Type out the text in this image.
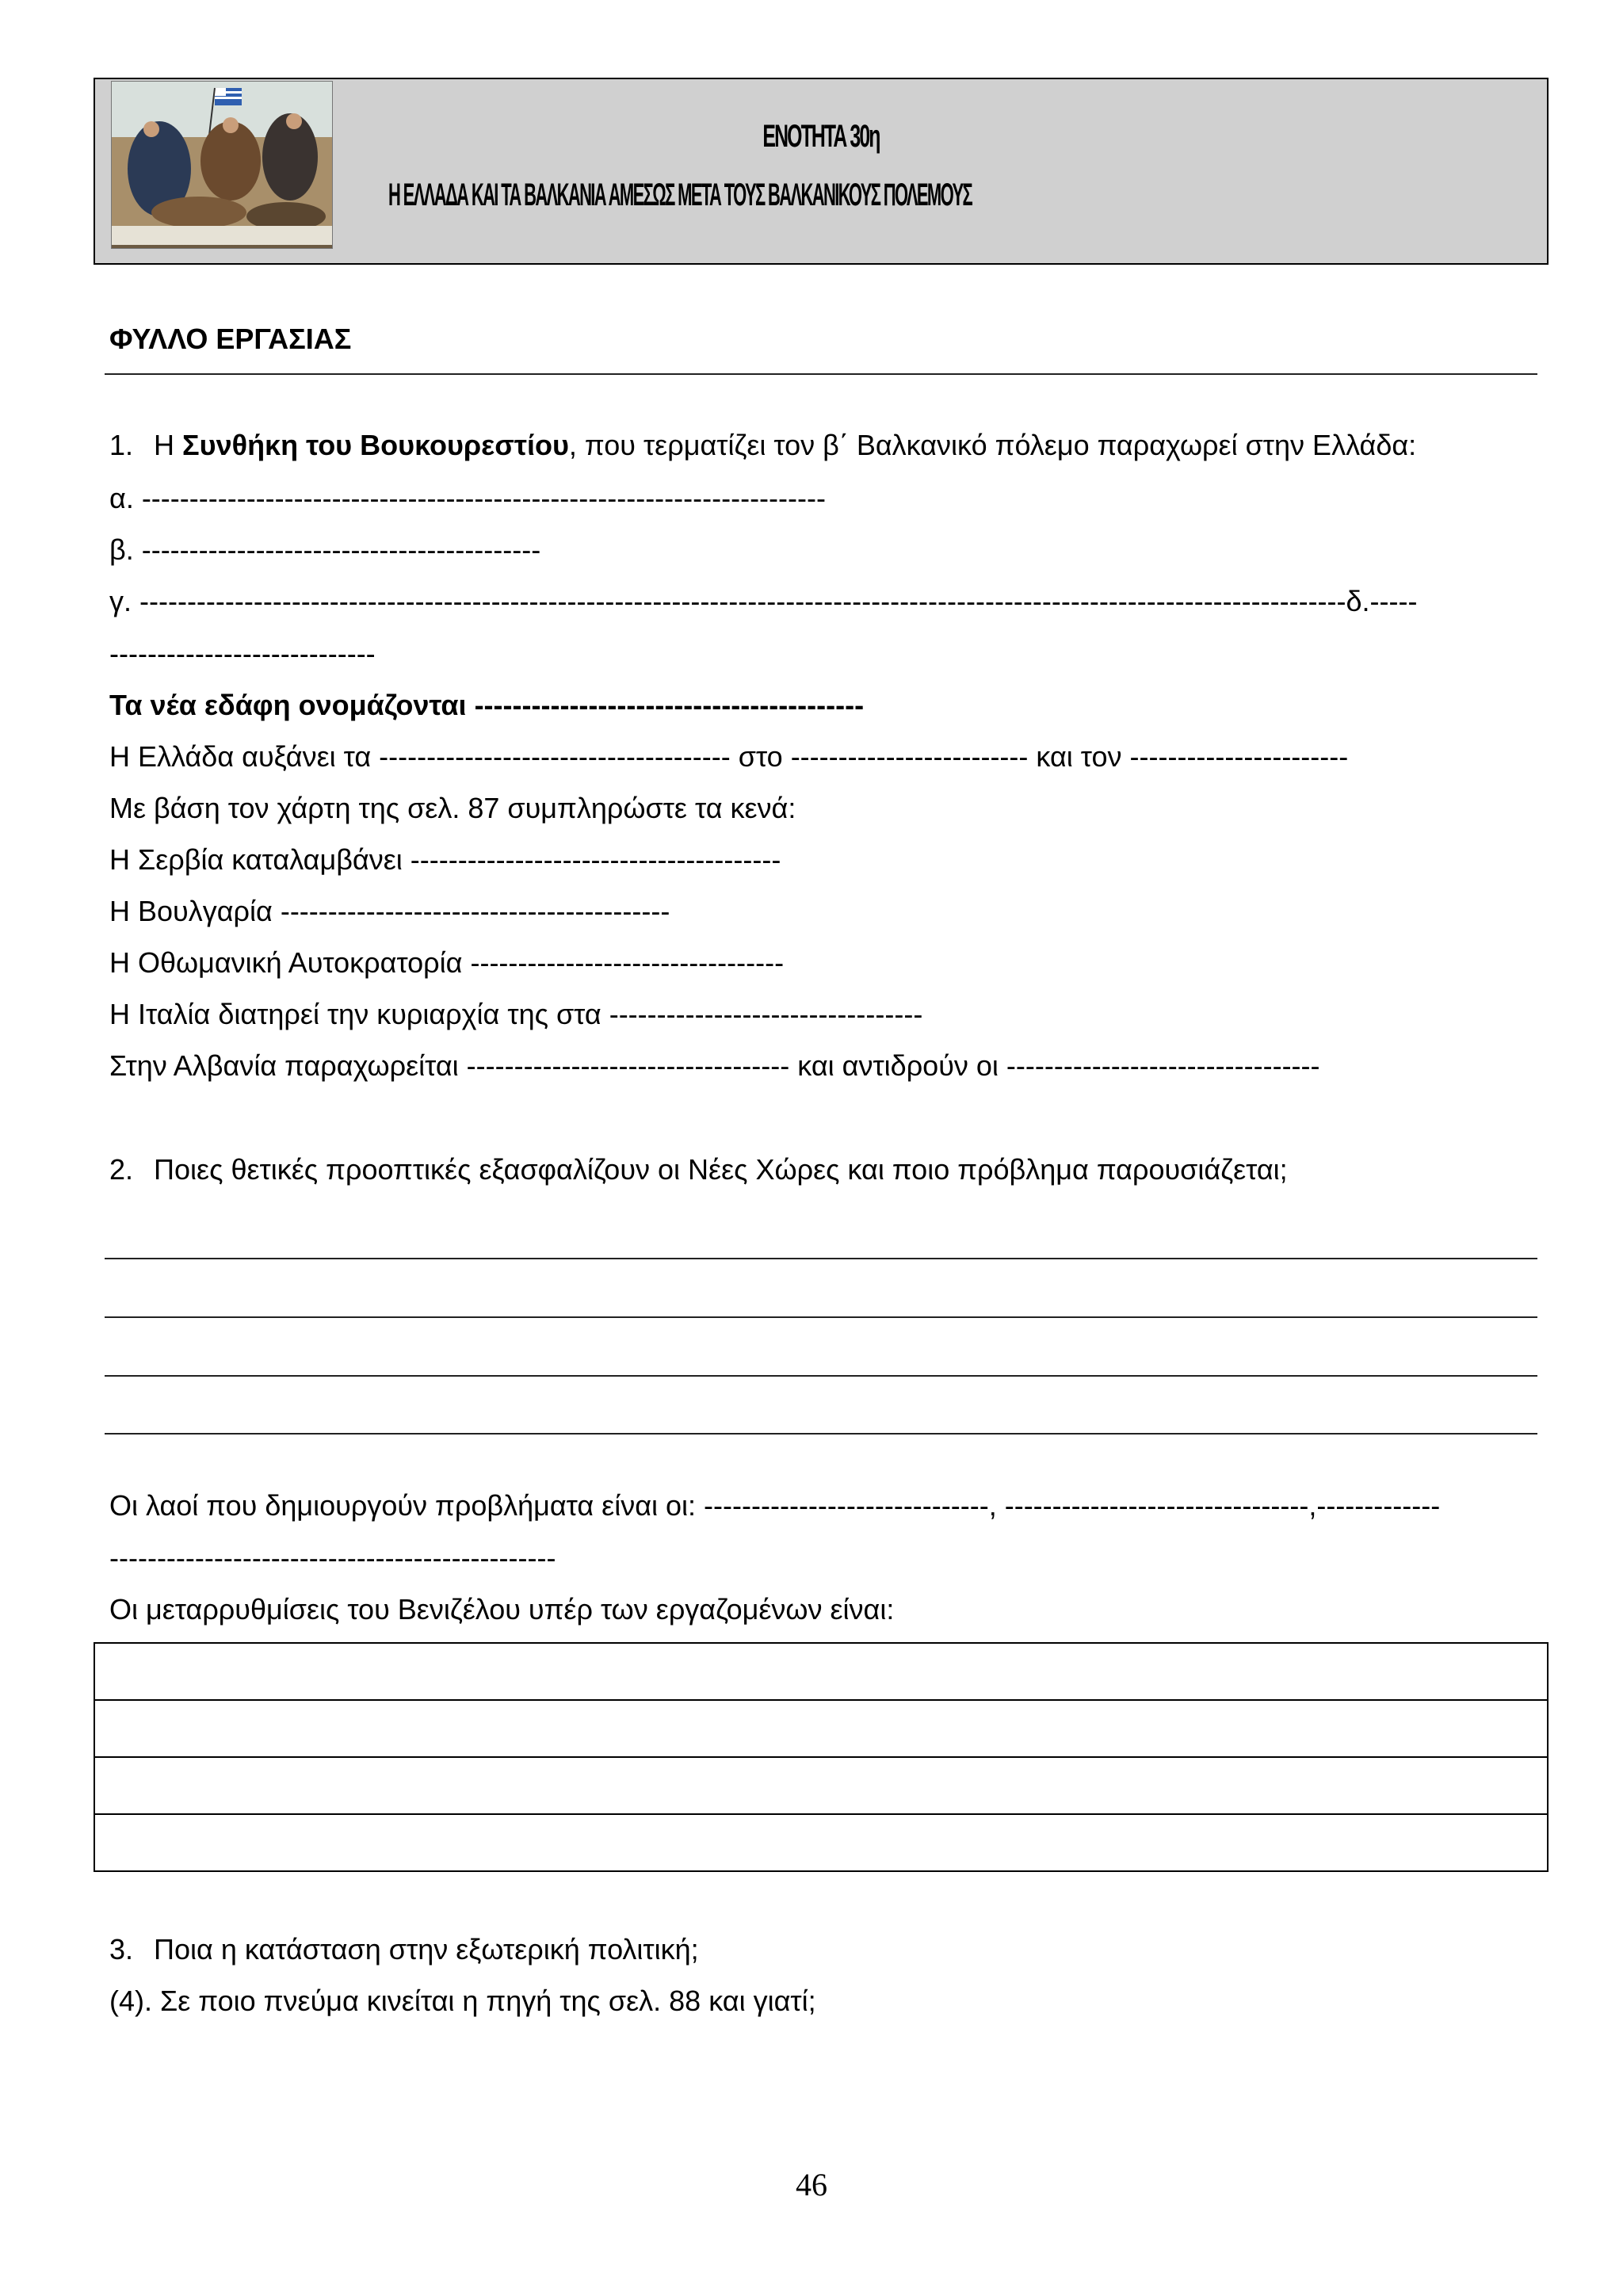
ΕΝΟΤΗΤΑ 30η
Η ΕΛΛΑΔΑ ΚΑΙ ΤΑ ΒΑΛΚΑΝΙΑ ΑΜΕΣΩΣ ΜΕΤΑ ΤΟΥΣ ΒΑΛΚΑΝΙΚΟΥΣ ΠΟΛΕΜΟΥΣ
ΦΥΛΛΟ ΕΡΓΑΣΙΑΣ
1. Η Συνθήκη του Βουκουρεστίου, που τερματίζει τον β΄ Βαλκανικό πόλεμο παραχωρεί στην Ελλάδα:
α. ------------------------------------------------------------------------
β. ------------------------------------------
γ. -------------------------------------------------------------------------------------------------------------------------------δ.-----
----------------------------
Τα νέα εδάφη ονομάζονται -----------------------------------------
Η Ελλάδα αυξάνει τα ------------------------------------- στο ------------------------- και τον -----------------------
Με βάση τον χάρτη της σελ. 87 συμπληρώστε τα κενά:
Η Σερβία καταλαμβάνει ---------------------------------------
Η Βουλγαρία -----------------------------------------
Η Οθωμανική Αυτοκρατορία ---------------------------------
Η Ιταλία διατηρεί την κυριαρχία της στα ---------------------------------
Στην Αλβανία παραχωρείται ---------------------------------- και αντιδρούν οι ---------------------------------
2. Ποιες θετικές προοπτικές εξασφαλίζουν οι Νέες Χώρες και ποιο πρόβλημα παρουσιάζεται;
Οι λαοί που δημιουργούν προβλήματα είναι οι: ------------------------------, --------------------------------,-------------
-----------------------------------------------
Οι μεταρρυθμίσεις του Βενιζέλου υπέρ των εργαζομένων είναι:

3. Ποια η κατάσταση στην εξωτερική πολιτική;
(4). Σε ποιο πνεύμα κινείται η πηγή της σελ. 88 και γιατί;
46
